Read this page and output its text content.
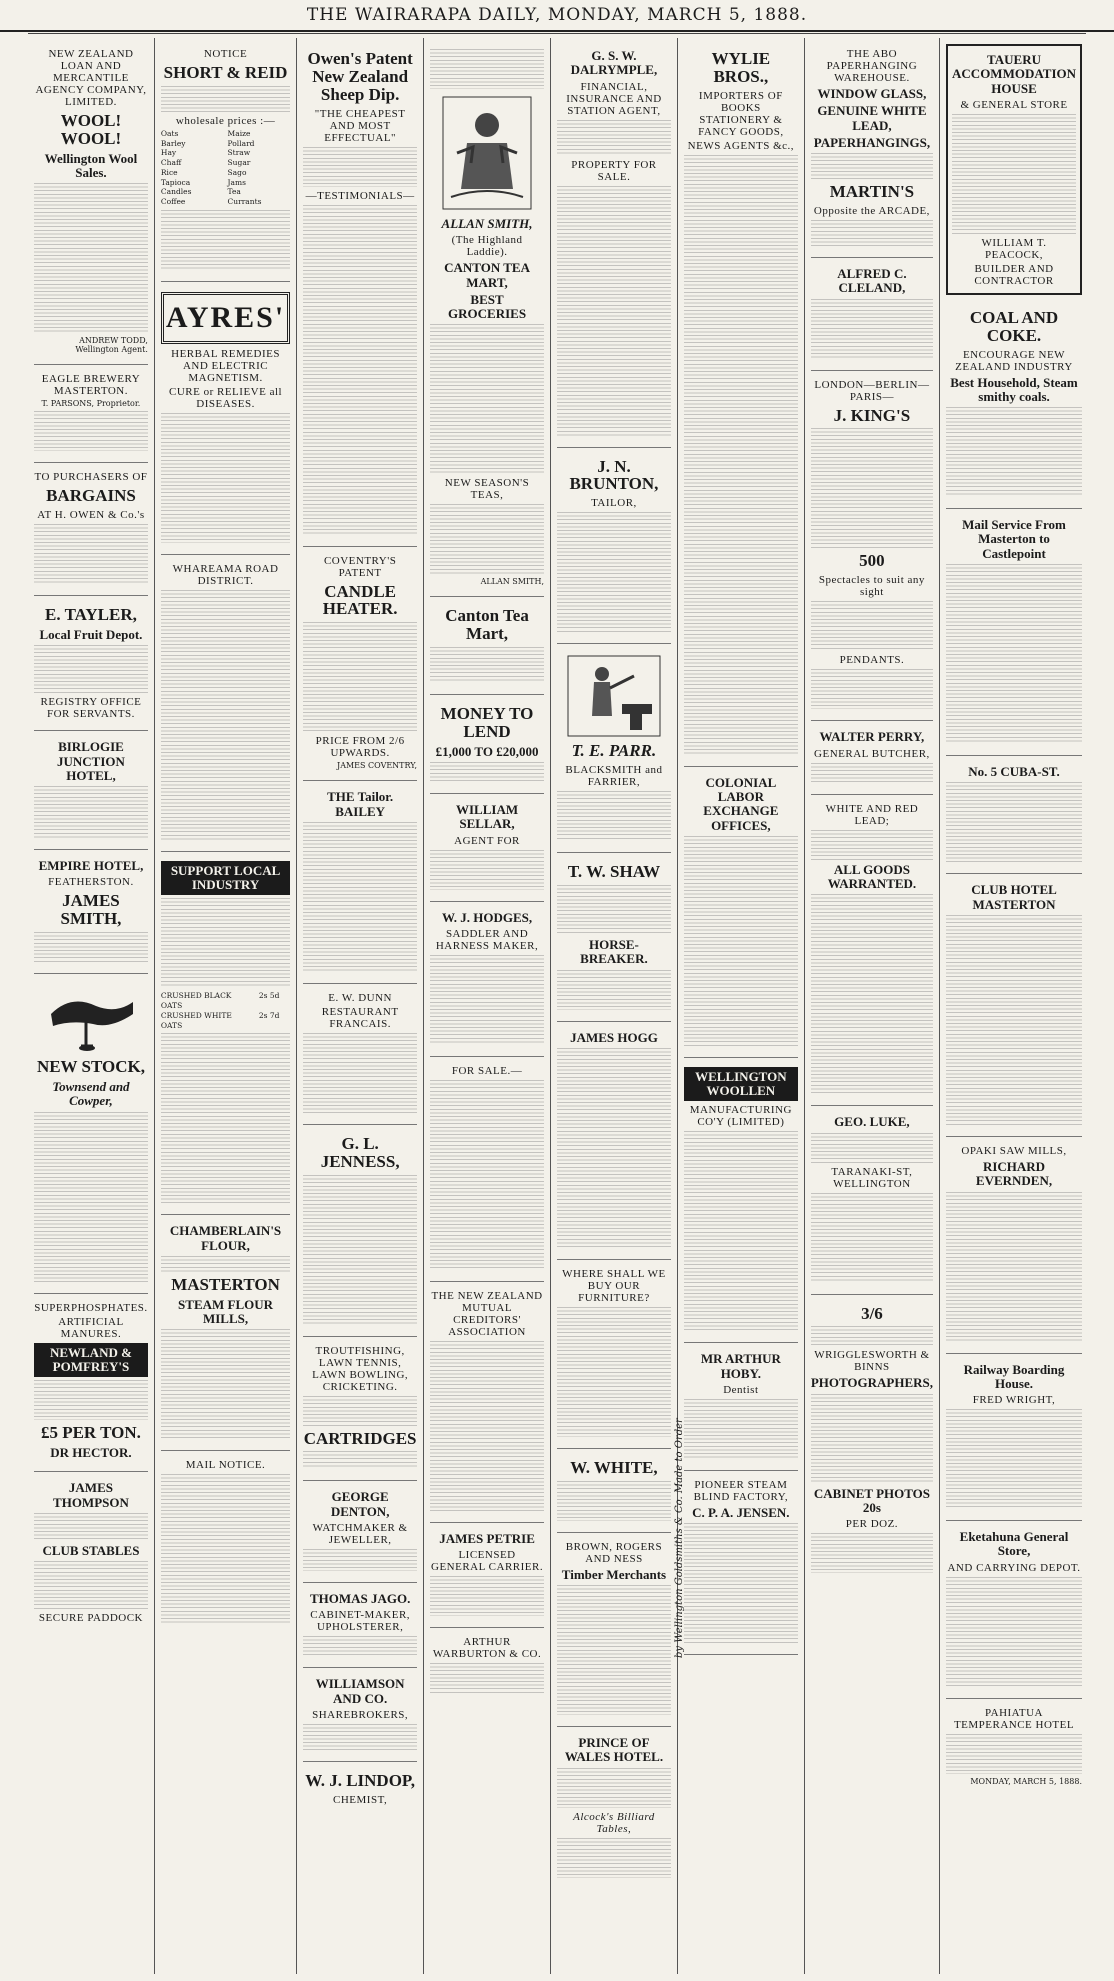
THE WAIRARAPA DAILY, MONDAY, MARCH 5, 1888.
NEW ZEALAND LOAN AND MERCANTILE AGENCY COMPANY, LIMITED.
WOOL! WOOL!
Wellington Wool Sales.
ANDREW TODD, Wellington Agent.
EAGLE BREWERY MASTERTON.
T. PARSONS, Proprietor.
TO PURCHASERS OF
BARGAINS
AT H. OWEN & Co.'s
E. TAYLER,
Local Fruit Depot.
REGISTRY OFFICE FOR SERVANTS.
BIRLOGIE JUNCTION HOTEL,
EMPIRE HOTEL,
FEATHERSTON.
JAMES SMITH,
NEW STOCK,
Townsend and Cowper,
SUPERPHOSPHATES.
ARTIFICIAL MANURES.
NEWLAND & POMFREY'S
£5 PER TON.
DR HECTOR.
JAMES THOMPSON
CLUB STABLES
SECURE PADDOCK
NOTICE
SHORT & REID
wholesale prices :—
Oats	Maize
Barley	Pollard
Hay	Straw
Chaff	Sugar
Rice	Sago
Tapioca	Jams
Candles	Tea
Coffee	Currants
AYRES'
HERBAL REMEDIES AND ELECTRIC MAGNETISM.
CURE or RELIEVE all DISEASES.
WHAREAMA ROAD DISTRICT.
SUPPORT LOCAL INDUSTRY
CRUSHED BLACK OATS
2s 5d
CRUSHED WHITE OATS
2s 7d
CHAMBERLAIN'S FLOUR,
MASTERTON
STEAM FLOUR MILLS,
MAIL NOTICE.
Owen's Patent New Zealand Sheep Dip.
"THE CHEAPEST AND MOST EFFECTUAL"
—TESTIMONIALS—
COVENTRY'S PATENT
CANDLE HEATER.
PRICE FROM 2/6 UPWARDS.
JAMES COVENTRY,
THE Tailor. BAILEY
E. W. DUNN
RESTAURANT FRANCAIS.
G. L. JENNESS,
TROUTFISHING, LAWN TENNIS, LAWN BOWLING, CRICKETING.
CARTRIDGES
GEORGE DENTON,
WATCHMAKER & JEWELLER,
THOMAS JAGO.
CABINET-MAKER, UPHOLSTERER,
WILLIAMSON AND CO.
SHAREBROKERS,
W. J. LINDOP,
CHEMIST,
ALLAN SMITH,
(The Highland Laddie).
CANTON TEA MART,
BEST GROCERIES
NEW SEASON'S TEAS,
ALLAN SMITH,
Canton Tea Mart,
MONEY TO LEND
£1,000 TO £20,000
WILLIAM SELLAR,
AGENT FOR
W. J. HODGES,
SADDLER AND HARNESS MAKER,
FOR SALE.—
THE NEW ZEALAND MUTUAL CREDITORS' ASSOCIATION
JAMES PETRIE
LICENSED GENERAL CARRIER.
ARTHUR WARBURTON & CO.
G. S. W. DALRYMPLE,
FINANCIAL, INSURANCE AND STATION AGENT,
PROPERTY FOR SALE.
J. N. BRUNTON,
TAILOR,
T. E. PARR.
BLACKSMITH and FARRIER,
T. W. SHAW
HORSE-BREAKER.
JAMES HOGG
WHERE SHALL WE BUY OUR FURNITURE?
W. WHITE,
BROWN, ROGERS AND NESS
Timber Merchants
PRINCE OF WALES HOTEL.
Alcock's Billiard Tables,
WYLIE BROS.,
IMPORTERS OF BOOKS STATIONERY & FANCY GOODS,
NEWS AGENTS &c.,
COLONIAL LABOR EXCHANGE OFFICES,
WELLINGTON WOOLLEN
MANUFACTURING CO'Y (LIMITED)
MR ARTHUR HOBY.
Dentist
PIONEER STEAM BLIND FACTORY,
C. P. A. JENSEN.
by Wellington Goldsmiths & Co. Made to Order
THE ABO PAPERHANGING WAREHOUSE.
WINDOW GLASS,
GENUINE WHITE LEAD,
PAPERHANGINGS,
MARTIN'S
Opposite the ARCADE,
ALFRED C. CLELAND,
LONDON—BERLIN—PARIS—
J. KING'S
500
Spectacles to suit any sight
PENDANTS.
WALTER PERRY,
GENERAL BUTCHER,
WHITE AND RED LEAD;
ALL GOODS WARRANTED.
GEO. LUKE,
TARANAKI-ST, WELLINGTON
3/6
WRIGGLESWORTH & BINNS
PHOTOGRAPHERS,
CABINET PHOTOS 20s
PER DOZ.
TAUERU ACCOMMODATION HOUSE
& GENERAL STORE
WILLIAM T. PEACOCK,
BUILDER AND CONTRACTOR
COAL AND COKE.
ENCOURAGE NEW ZEALAND INDUSTRY
Best Household, Steam smithy coals.
Mail Service From Masterton to Castlepoint
No. 5 CUBA-ST.
CLUB HOTEL MASTERTON
OPAKI SAW MILLS,
RICHARD EVERNDEN,
Railway Boarding House.
FRED WRIGHT,
Eketahuna General Store,
AND CARRYING DEPOT.
PAHIATUA TEMPERANCE HOTEL
MONDAY, MARCH 5, 1888.
